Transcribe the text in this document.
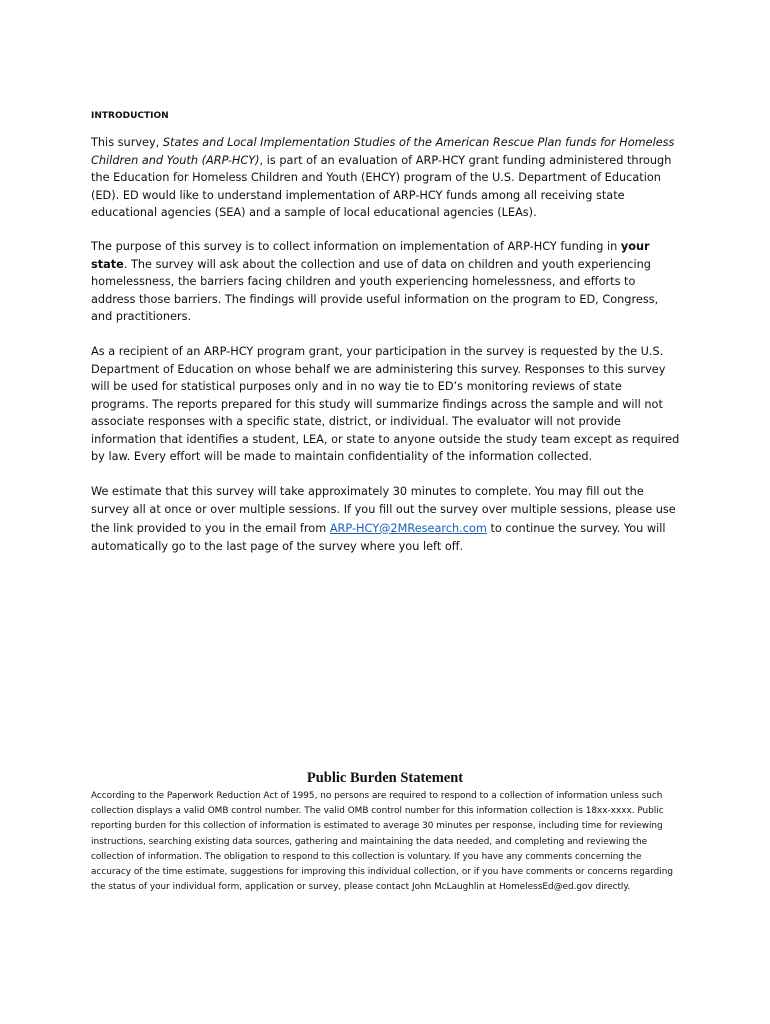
INTRODUCTION

This survey, States and Local Implementation Studies of the American Rescue Plan funds for Homeless Children and Youth (ARP-HCY), is part of an evaluation of ARP-HCY grant funding administered through the Education for Homeless Children and Youth (EHCY) program of the U.S. Department of Education (ED). ED would like to understand implementation of ARP-HCY funds among all receiving state educational agencies (SEA) and a sample of local educational agencies (LEAs).

The purpose of this survey is to collect information on implementation of ARP-HCY funding in your state. The survey will ask about the collection and use of data on children and youth experiencing homelessness, the barriers facing children and youth experiencing homelessness, and efforts to address those barriers. The findings will provide useful information on the program to ED, Congress, and practitioners.

As a recipient of an ARP-HCY program grant, your participation in the survey is requested by the U.S. Department of Education on whose behalf we are administering this survey. Responses to this survey will be used for statistical purposes only and in no way tie to ED’s monitoring reviews of state programs. The reports prepared for this study will summarize findings across the sample and will not associate responses with a specific state, district, or individual. The evaluator will not provide information that identifies a student, LEA, or state to anyone outside the study team except as required by law. Every effort will be made to maintain confidentiality of the information collected.

We estimate that this survey will take approximately 30 minutes to complete. You may fill out the survey all at once or over multiple sessions. If you fill out the survey over multiple sessions, please use the link provided to you in the email from ARP-HCY@2MResearch.com to continue the survey. You will automatically go to the last page of the survey where you left off.

Public Burden Statement

According to the Paperwork Reduction Act of 1995, no persons are required to respond to a collection of information unless such collection displays a valid OMB control number. The valid OMB control number for this information collection is 18xx-xxxx. Public reporting burden for this collection of information is estimated to average 30 minutes per response, including time for reviewing instructions, searching existing data sources, gathering and maintaining the data needed, and completing and reviewing the collection of information. The obligation to respond to this collection is voluntary. If you have any comments concerning the accuracy of the time estimate, suggestions for improving this individual collection, or if you have comments or concerns regarding the status of your individual form, application or survey, please contact John McLaughlin at HomelessEd@ed.gov directly.
